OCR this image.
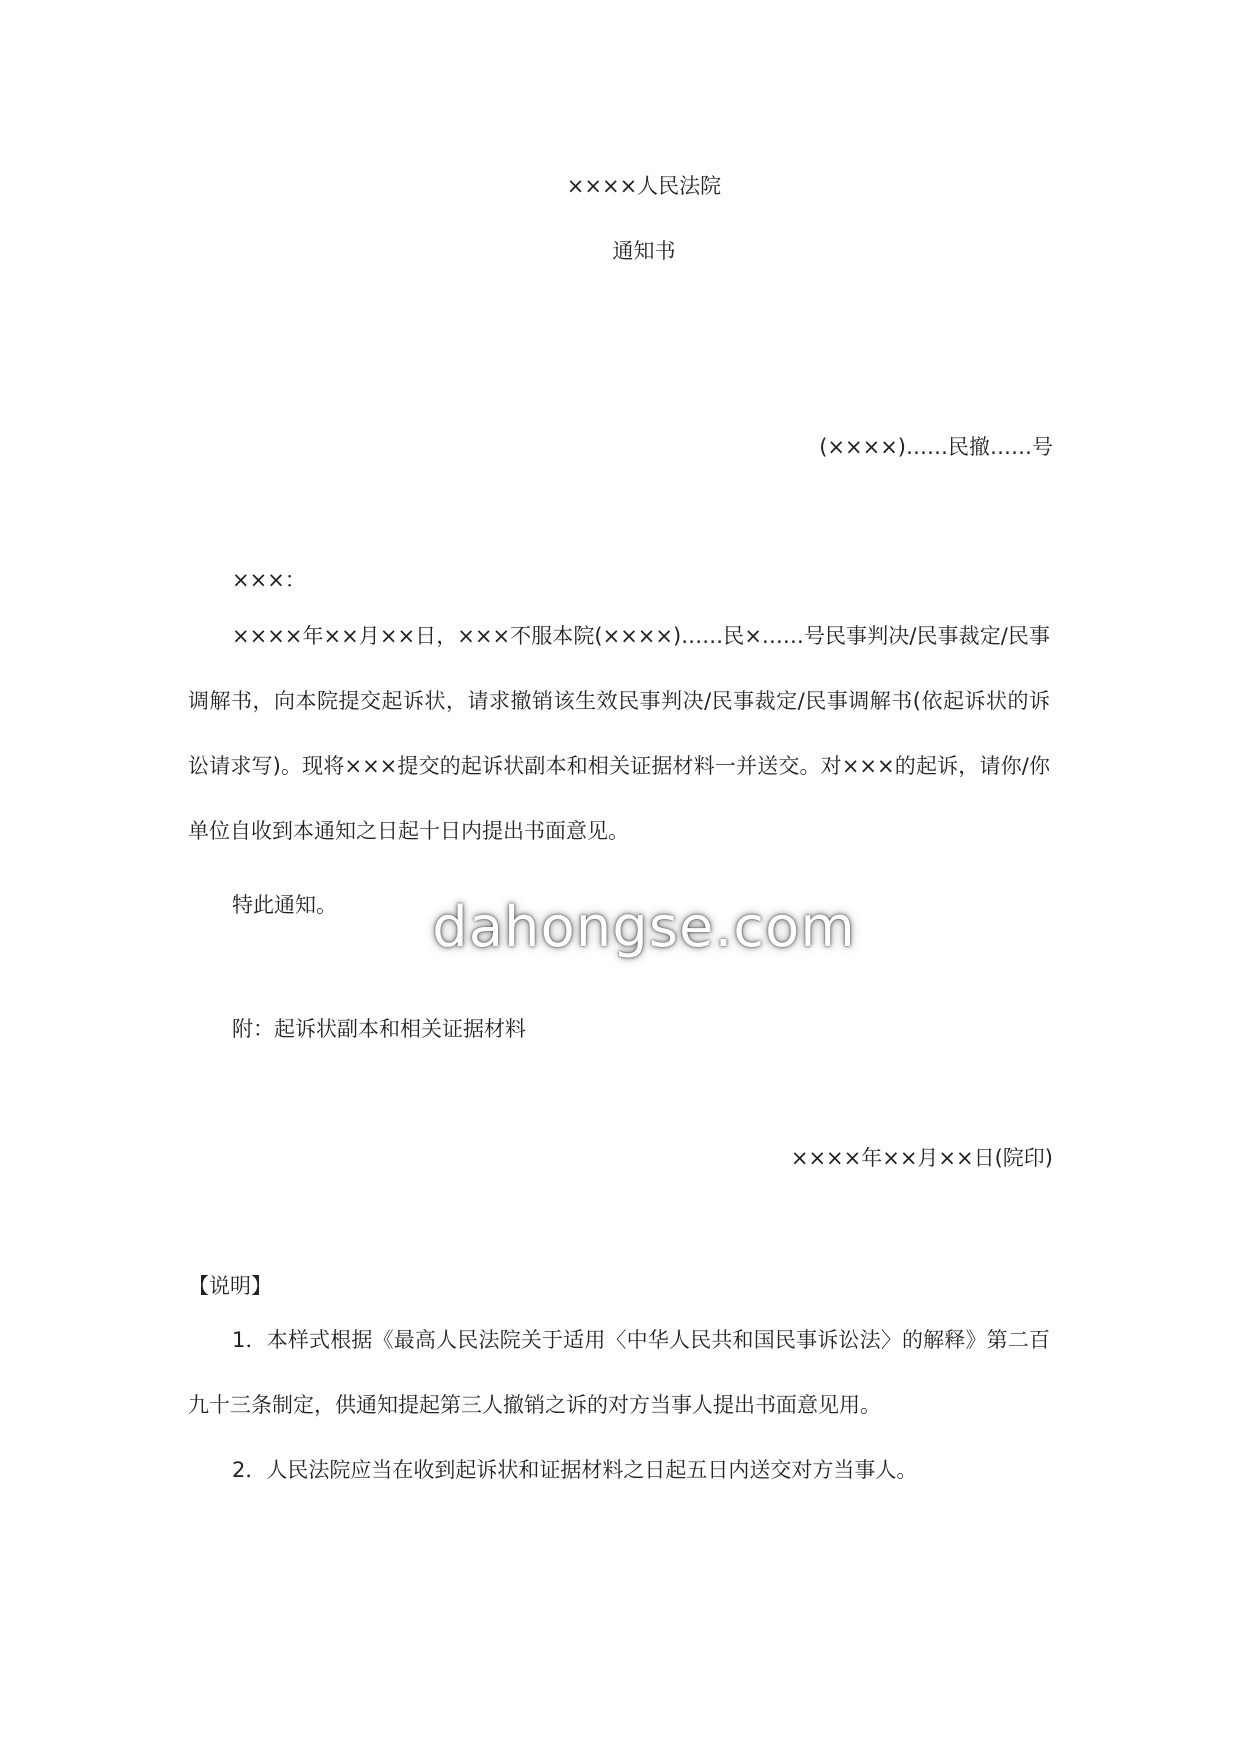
××××人民法院
通知书
(××××)……民撤……号
×××：
××××年××月××日，×××不服本院(××××)……民×……号民事判决/民事裁定/民事调解书，向本院提交起诉状，请求撤销该生效民事判决/民事裁定/民事调解书(依起诉状的诉讼请求写)。现将×××提交的起诉状副本和相关证据材料一并送交。对×××的起诉，请你/你单位自收到本通知之日起十日内提出书面意见。
特此通知。	dahongse.com
附：起诉状副本和相关证据材料
××××年××月××日(院印)
【说明】
1．本样式根据《最高人民法院关于适用〈中华人民共和国民事诉讼法〉的解释》第二百九十三条制定，供通知提起第三人撤销之诉的对方当事人提出书面意见用。
2．人民法院应当在收到起诉状和证据材料之日起五日内送交对方当事人。
